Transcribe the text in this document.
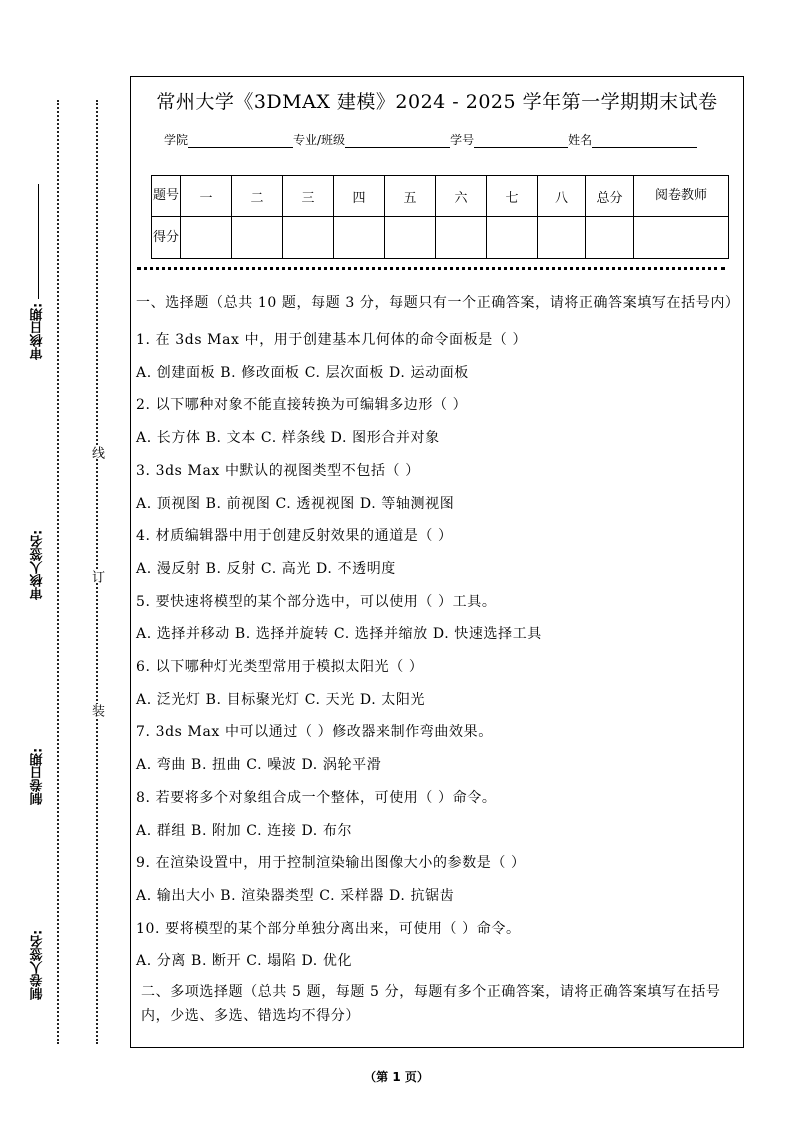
审核日期:
审核人签名:
制卷日期:
制卷人签名:
线
订
装
常州大学《3DMAX 建模》2024 - 2025 学年第一学期期末试卷
学院	专业/班级	学号	姓名
题号	一	二	三	四	五	六	七	八	总分	阅卷教师
得分										

一、选择题（总共 10 题，每题 3 分，每题只有一个正确答案，请将正确答案填写在括号内）

1. 在 3ds Max 中，用于创建基本几何体的命令面板是（ ）

A. 创建面板 B. 修改面板 C. 层次面板 D. 运动面板

2. 以下哪种对象不能直接转换为可编辑多边形（ ）

A. 长方体 B. 文本 C. 样条线 D. 图形合并对象

3. 3ds Max 中默认的视图类型不包括（ ）

A. 顶视图 B. 前视图 C. 透视视图 D. 等轴测视图

4. 材质编辑器中用于创建反射效果的通道是（ ）

A. 漫反射 B. 反射 C. 高光 D. 不透明度

5. 要快速将模型的某个部分选中，可以使用（ ）工具。

A. 选择并移动 B. 选择并旋转 C. 选择并缩放 D. 快速选择工具

6. 以下哪种灯光类型常用于模拟太阳光（ ）

A. 泛光灯 B. 目标聚光灯 C. 天光 D. 太阳光

7. 3ds Max 中可以通过（ ）修改器来制作弯曲效果。

A. 弯曲 B. 扭曲 C. 噪波 D. 涡轮平滑

8. 若要将多个对象组合成一个整体，可使用（ ）命令。

A. 群组 B. 附加 C. 连接 D. 布尔

9. 在渲染设置中，用于控制渲染输出图像大小的参数是（ ）

A. 输出大小 B. 渲染器类型 C. 采样器 D. 抗锯齿

10. 要将模型的某个部分单独分离出来，可使用（ ）命令。

A. 分离 B. 断开 C. 塌陷 D. 优化

二、多项选择题（总共 5 题，每题 5 分，每题有多个正确答案，请将正确答案填写在括号内，少选、多选、错选均不得分）

（第 1 页）
